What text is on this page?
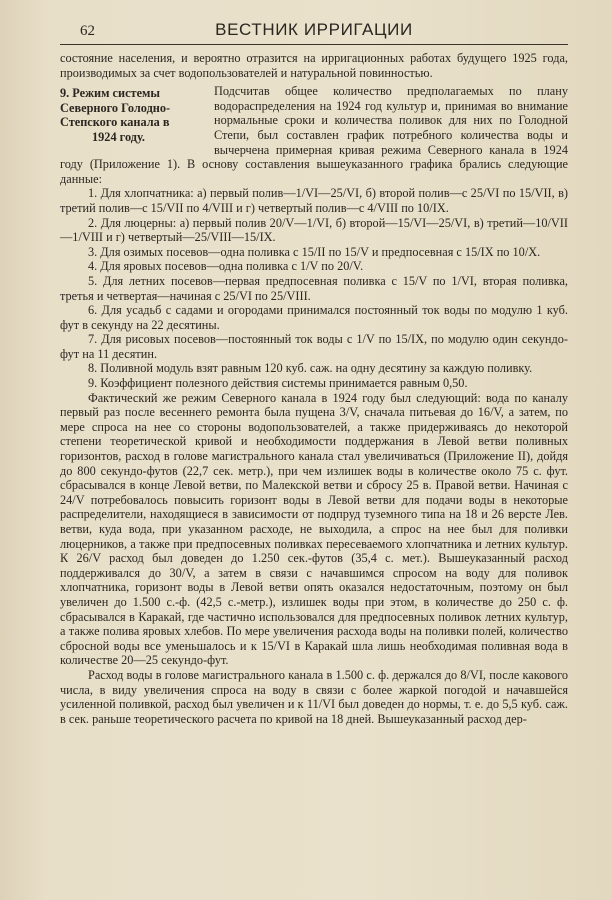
62	ВЕСТНИК ИРРИГАЦИИ

состояние населения, и вероятно отразится на ирригационных работах будущего 1925 года, производимых за счет водопользователей и натуральной повинностью.

9. Режим системы
Северного Голодно-
Степского канала в
1924 году.

Подсчитав общее количество предполагаемых по плану водораспределения на 1924 год культур и, принимая во внимание нормальные сроки и количества поливок для них по Голодной Степи, был составлен график потребного количества воды и вычерчена примерная кривая режима Северного канала в 1924 году (Приложение 1). В основу составления вышеуказанного графика брались следующие данные:

1. Для хлопчатника: а) первый полив—1/VI—25/VI, б) второй полив—с 25/VI по 15/VII, в) третий полив—с 15/VII по 4/VIII и г) четвертый полив—с 4/VIII по 10/IX.

2. Для люцерны: а) первый полив 20/V—1/VI, б) второй—15/VI—25/VI, в) третий—10/VII—1/VIII и г) четвертый—25/VIII—15/IX.

3. Для озимых посевов—одна поливка с 15/II по 15/V и предпосевная с 15/IX по 10/X.

4. Для яровых посевов—одна поливка с 1/V по 20/V.

5. Для летних посевов—первая предпосевная поливка с 15/V по 1/VI, вторая поливка, третья и четвертая—начиная с 25/VI по 25/VIII.

6. Для усадьб с садами и огородами принимался постоянный ток воды по модулю 1 куб. фут в секунду на 22 десятины.

7. Для рисовых посевов—постоянный ток воды с 1/V по 15/IX, по модулю один секундо-фут на 11 десятин.

8. Поливной модуль взят равным 120 куб. саж. на одну десятину за каждую поливку.

9. Коэффициент полезного действия системы принимается равным 0,50.

Фактический же режим Северного канала в 1924 году был следующий: вода по каналу первый раз после весеннего ремонта была пущена 3/V, сначала питьевая до 16/V, а затем, по мере спроса на нее со стороны водопользователей, а также придерживаясь до некоторой степени теоретической кривой и необходимости поддержания в Левой ветви поливных горизонтов, расход в голове магистрального канала стал увеличиваться (Приложение II), дойдя до 800 секундо-футов (22,7 сек. метр.), при чем излишек воды в количестве около 75 с. фут. сбрасывался в конце Левой ветви, по Малекской ветви и сбросу 25 в. Правой ветви. Начиная с 24/V потребовалось повысить горизонт воды в Левой ветви для подачи воды в некоторые распределители, находящиеся в зависимости от подпруд туземного типа на 18 и 26 версте Лев. ветви, куда вода, при указанном расходе, не выходила, а спрос на нее был для поливки люцерников, а также при предпосевных поливках пересеваемого хлопчатника и летних культур. К 26/V расход был доведен до 1.250 сек.-футов (35,4 с. мет.). Вышеуказанный расход поддерживался до 30/V, а затем в связи с начавшимся спросом на воду для поливок хлопчатника, горизонт воды в Левой ветви опять оказался недостаточным, поэтому он был увеличен до 1.500 с.-ф. (42,5 с.-метр.), излишек воды при этом, в количестве до 250 с. ф. сбрасывался в Каракай, где частично использовался для предпосевных поливок летних культур, а также полива яровых хлебов. По мере увеличения расхода воды на поливки полей, количество сбросной воды все уменьшалось и к 15/VI в Каракай шла лишь необходимая поливная вода в количестве 20—25 секундо-фут.

Расход воды в голове магистрального канала в 1.500 с. ф. держался до 8/VI, после какового числа, в виду увеличения спроса на воду в связи с более жаркой погодой и начавшейся усиленной поливкой, расход был увеличен и к 11/VI был доведен до нормы, т. е. до 5,5 куб. саж. в сек. раньше теоретического расчета по кривой на 18 дней. Вышеуказанный расход дер-
